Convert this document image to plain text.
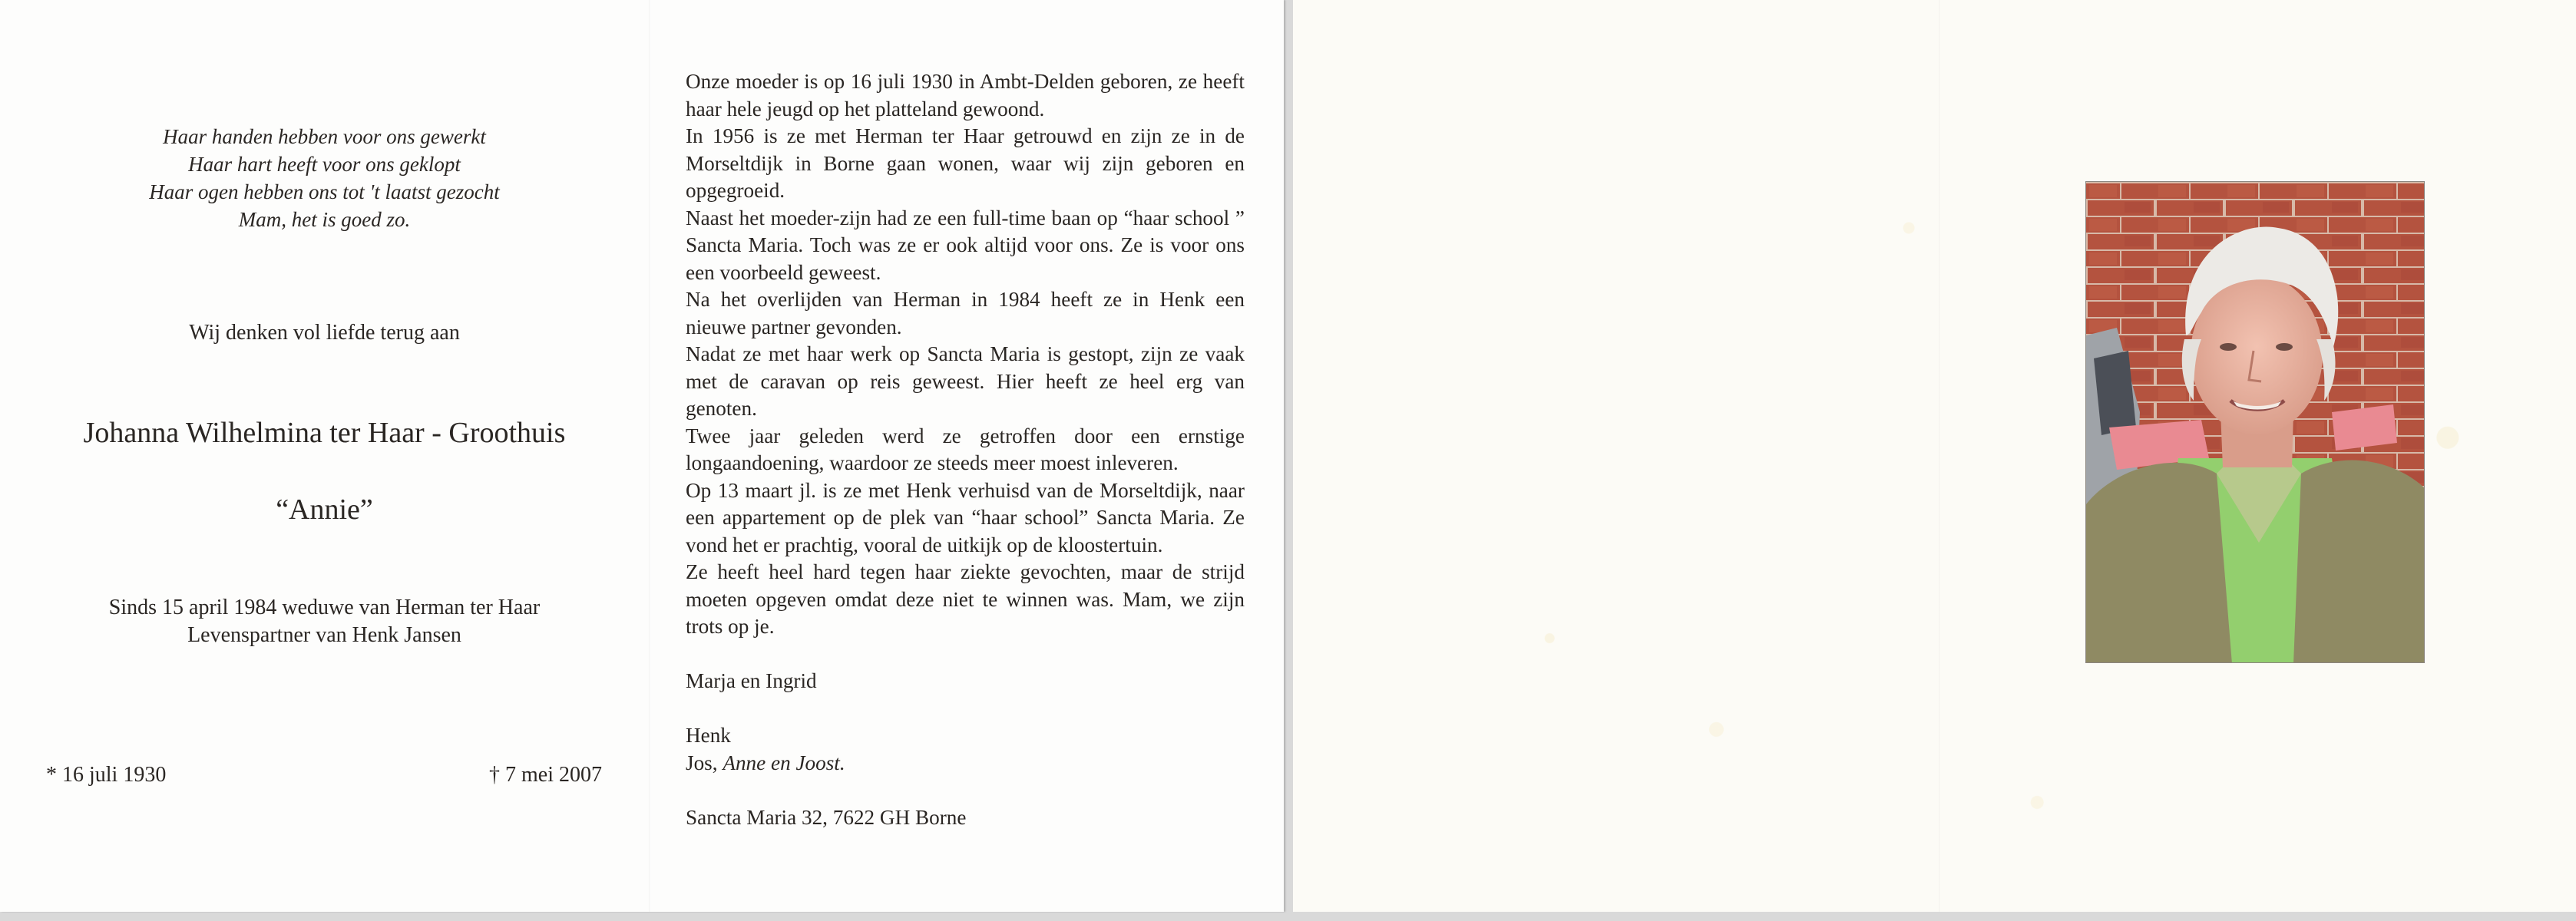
Haar handen hebben voor ons gewerkt
Haar hart heeft voor ons geklopt
Haar ogen hebben ons tot 't laatst gezocht
Mam, het is goed zo.
Wij denken vol liefde terug aan
Johanna Wilhelmina ter Haar - Groothuis
“Annie”
Sinds 15 april 1984 weduwe van Herman ter Haar
Levenspartner van Henk Jansen
* 16 juli 1930	† 7 mei 2007

Onze moeder is op 16 juli 1930 in Ambt-Delden geboren, ze heeft haar hele jeugd op het platteland gewoond.

In 1956 is ze met Herman ter Haar getrouwd en zijn ze in de Morseltdijk in Borne gaan wonen, waar wij zijn geboren en opgegroeid.

Naast het moeder-zijn had ze een full-time baan op “haar school ” Sancta Maria. Toch was ze er ook altijd voor ons. Ze is voor ons een voorbeeld geweest.

Na het overlijden van Herman in 1984 heeft ze in Henk een nieuwe partner gevonden.

Nadat ze met haar werk op Sancta Maria is gestopt, zijn ze vaak met de caravan op reis geweest. Hier heeft ze heel erg van genoten.

Twee jaar geleden werd ze getroffen door een ernstige longaandoening, waardoor ze steeds meer moest inleveren.

Op 13 maart jl. is ze met Henk verhuisd van de Morseltdijk, naar een appartement op de plek van “haar school” Sancta Maria. Ze vond het er prachtig, vooral de uitkijk op de kloostertuin.

Ze heeft heel hard tegen haar ziekte gevochten, maar de strijd moeten opgeven omdat deze niet te winnen was. Mam, we zijn trots op je.

Marja en Ingrid

Henk

Jos, Anne en Joost.

Sancta Maria 32, 7622 GH Borne
